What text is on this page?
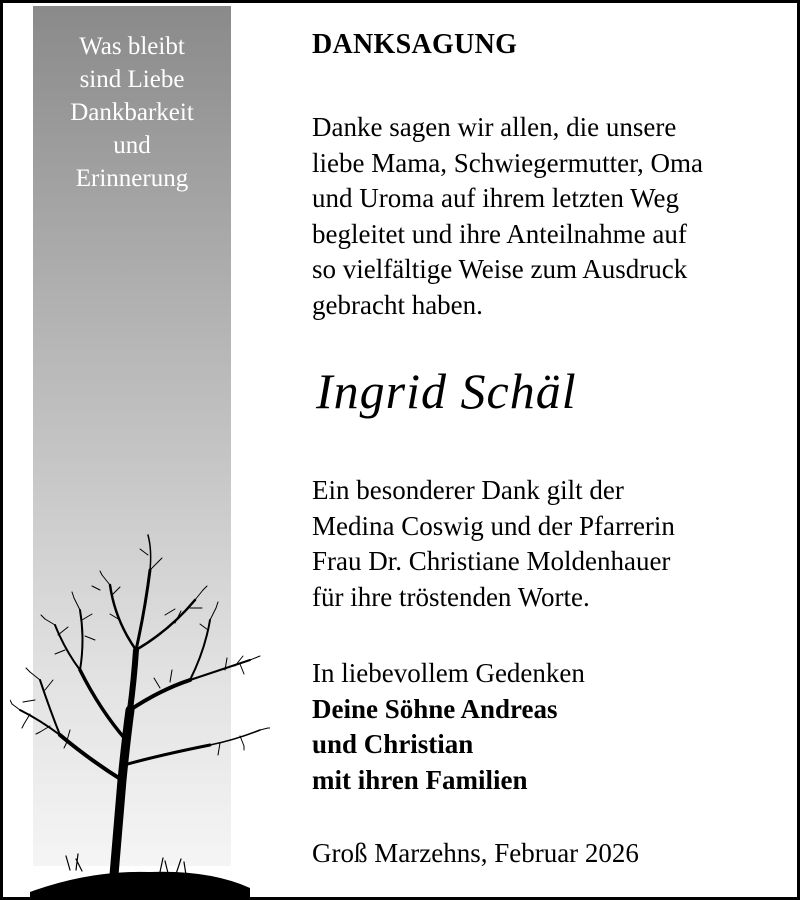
Was bleibt
sind Liebe
Dankbarkeit
und
Erinnerung
DANKSAGUNG
Danke sagen wir allen, die unsere
liebe Mama, Schwiegermutter, Oma
und Uroma auf ihrem letzten Weg
begleitet und ihre Anteilnahme auf
so vielfältige Weise zum Ausdruck
gebracht haben.
Ingrid Schäl
Ein besonderer Dank gilt der
Medina Coswig und der Pfarrerin
Frau Dr. Christiane Moldenhauer
für ihre tröstenden Worte.
In liebevollem Gedenken
Deine Söhne Andreas
und Christian
mit ihren Familien
Groß Marzehns, Februar 2026
